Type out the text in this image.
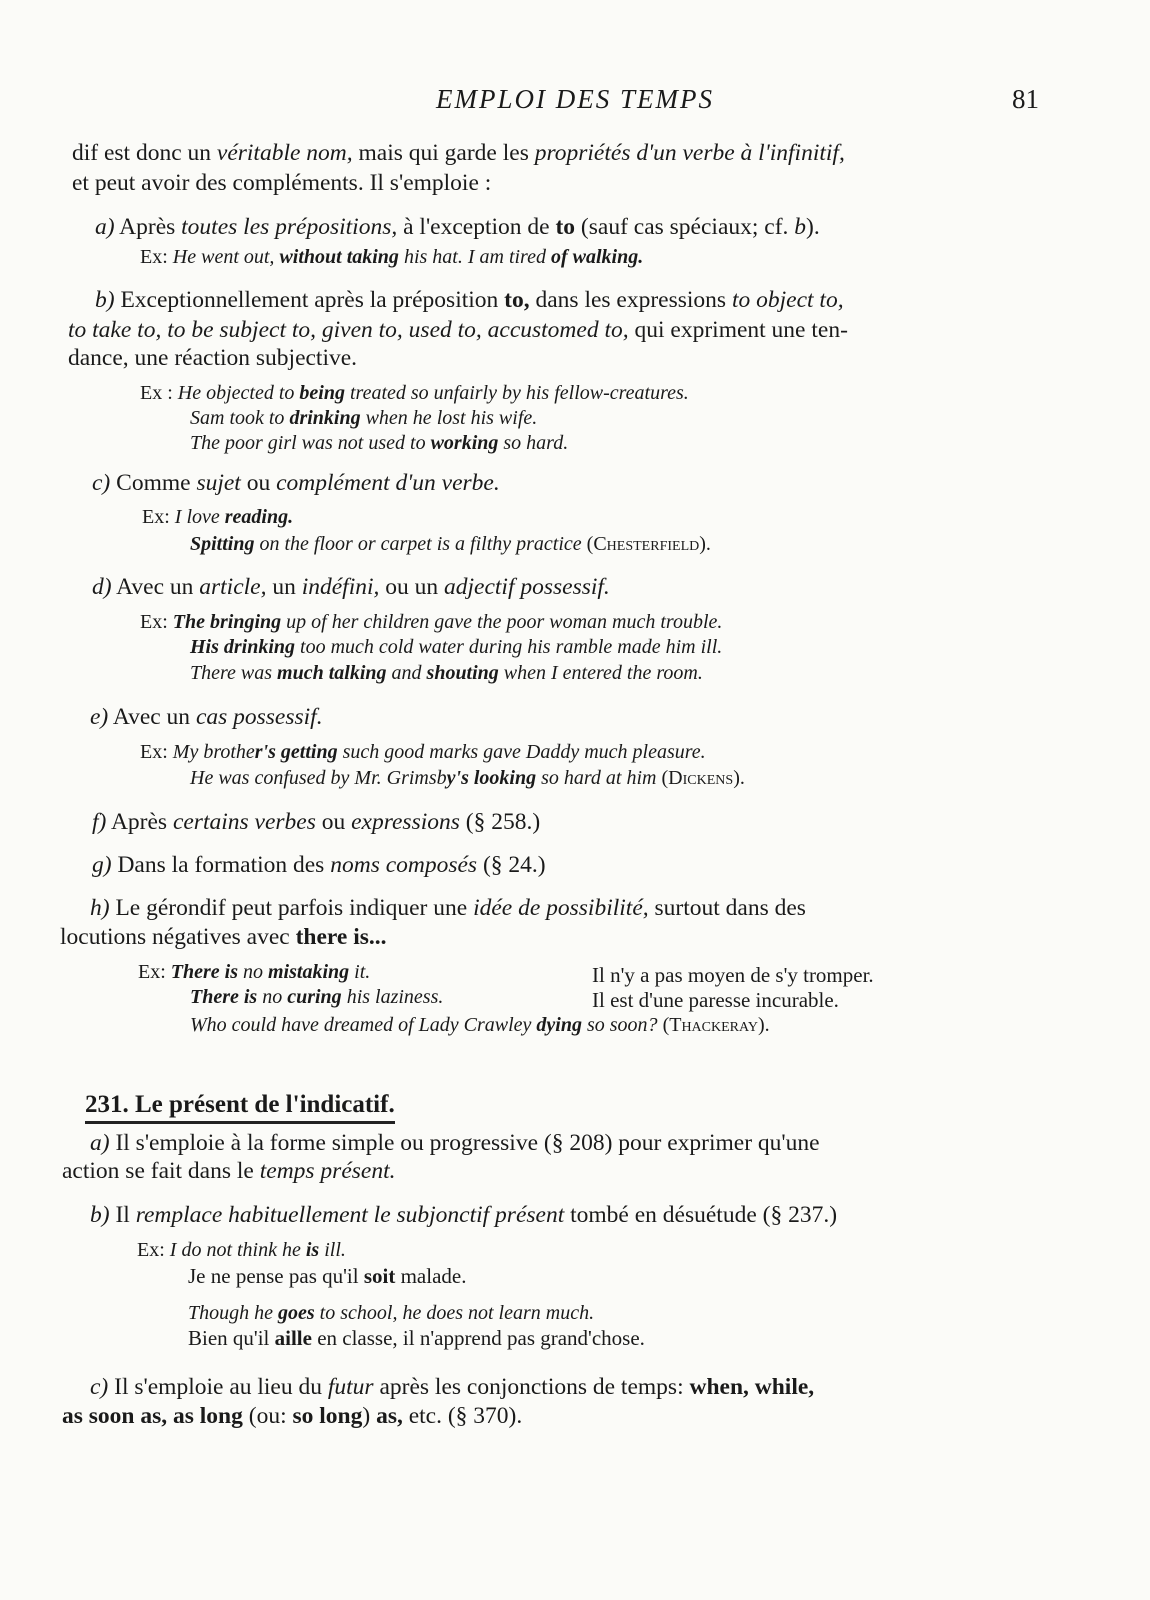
EMPLOI DES TEMPS	81
dif est donc un véritable nom, mais qui garde les propriétés d'un verbe à l'infinitif,
et peut avoir des compléments. Il s'emploie :
a) Après toutes les prépositions, à l'exception de to (sauf cas spéciaux; cf. b).
Ex: He went out, without taking his hat. I am tired of walking.
b) Exceptionnellement après la préposition to, dans les expressions to object to,
to take to, to be subject to, given to, used to, accustomed to, qui expriment une ten-
dance, une réaction subjective.
Ex : He objected to being treated so unfairly by his fellow-creatures.
Sam took to drinking when he lost his wife.
The poor girl was not used to working so hard.
c) Comme sujet ou complément d'un verbe.
Ex: I love reading.
Spitting on the floor or carpet is a filthy practice (Chesterfield).
d) Avec un article, un indéfini, ou un adjectif possessif.
Ex: The bringing up of her children gave the poor woman much trouble.
His drinking too much cold water during his ramble made him ill.
There was much talking and shouting when I entered the room.
e) Avec un cas possessif.
Ex: My brother's getting such good marks gave Daddy much pleasure.
He was confused by Mr. Grimsby's looking so hard at him (Dickens).
f) Après certains verbes ou expressions (§ 258.)
g) Dans la formation des noms composés (§ 24.)
h) Le gérondif peut parfois indiquer une idée de possibilité, surtout dans des
locutions négatives avec there is...
Ex: There is no mistaking it.	Il n'y a pas moyen de s'y tromper.
There is no curing his laziness.	Il est d'une paresse incurable.
Who could have dreamed of Lady Crawley dying so soon? (Thackeray).
231. Le présent de l'indicatif.
a) Il s'emploie à la forme simple ou progressive (§ 208) pour exprimer qu'une
action se fait dans le temps présent.
b) Il remplace habituellement le subjonctif présent tombé en désuétude (§ 237.)
Ex: I do not think he is ill.
Je ne pense pas qu'il soit malade.
Though he goes to school, he does not learn much.
Bien qu'il aille en classe, il n'apprend pas grand'chose.
c) Il s'emploie au lieu du futur après les conjonctions de temps: when, while,
as soon as, as long (ou: so long) as, etc. (§ 370).
